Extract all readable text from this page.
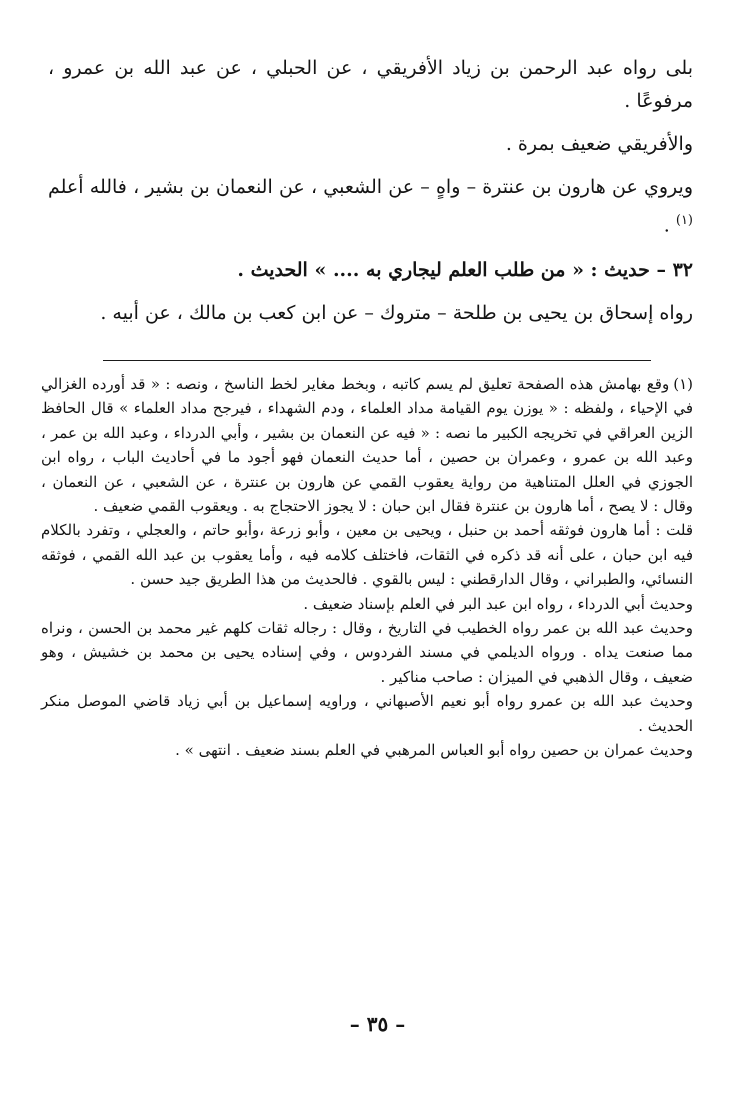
بلى رواه عبد الرحمن بن زياد الأفريقي ، عن الحبلي ، عن عبد الله بن عمرو ، مرفوعًا .

والأفريقي ضعيف بمرة .

ويروي عن هارون بن عنترة – واهٍ – عن الشعبي ، عن النعمان بن بشير ، فالله أعلم $^{(١)}$ .

٣٢ – حديث : « من طلب العلم ليجاري به .... » الحديث .

رواه إسحاق بن يحيى بن طلحة – متروك – عن ابن كعب بن مالك ، عن أبيه .

(١)وقع بهامش هذه الصفحة تعليق لم يسم كاتبه ، وبخط مغاير لخط الناسخ ، ونصه : « قد أورده الغزالي في الإحياء ، ولفظه : « يوزن يوم القيامة مداد العلماء ، ودم الشهداء ، فيرجح مداد العلماء » قال الحافظ الزين العراقي في تخريجه الكبير ما نصه : « فيه عن النعمان بن بشير ، وأبي الدرداء ، وعبد الله بن عمر ، وعبد الله بن عمرو ، وعمران بن حصين ، أما حديث النعمان فهو أجود ما في أحاديث الباب ، رواه ابن الجوزي في العلل المتناهية من رواية يعقوب القمي عن هارون بن عنترة ، عن الشعبي ، عن النعمان ، وقال : لا يصح ، أما هارون بن عنترة فقال ابن حبان : لا يجوز الاحتجاج به . ويعقوب القمي ضعيف .

قلت : أما هارون فوثقه أحمد بن حنبل ، ويحيى بن معين ، وأبو زرعة ،وأبو حاتم ، والعجلي ، وتفرد بالكلام فيه ابن حبان ، على أنه قد ذكره في الثقات، فاختلف كلامه فيه ، وأما يعقوب بن عبد الله القمي ، فوثقه النسائي، والطبراني ، وقال الدارقطني : ليس بالقوي . فالحديث من هذا الطريق جيد حسن .

وحديث أبي الدرداء ، رواه ابن عبد البر في العلم بإسناد ضعيف .

وحديث عبد الله بن عمر رواه الخطيب في التاريخ ، وقال : رجاله ثقات كلهم غير محمد بن الحسن ، ونراه مما صنعت يداه . ورواه الديلمي في مسند الفردوس ، وفي إسناده يحيى بن محمد بن خشيش ، وهو ضعيف ، وقال الذهبي في الميزان : صاحب مناكير .

وحديث عبد الله بن عمرو رواه أبو نعيم الأصبهاني ، وراويه إسماعيل بن أبي زياد قاضي الموصل منكر الحديث .

وحديث عمران بن حصين رواه أبو العباس المرهبي في العلم بسند ضعيف . انتهى » .

– ٣٥ –
